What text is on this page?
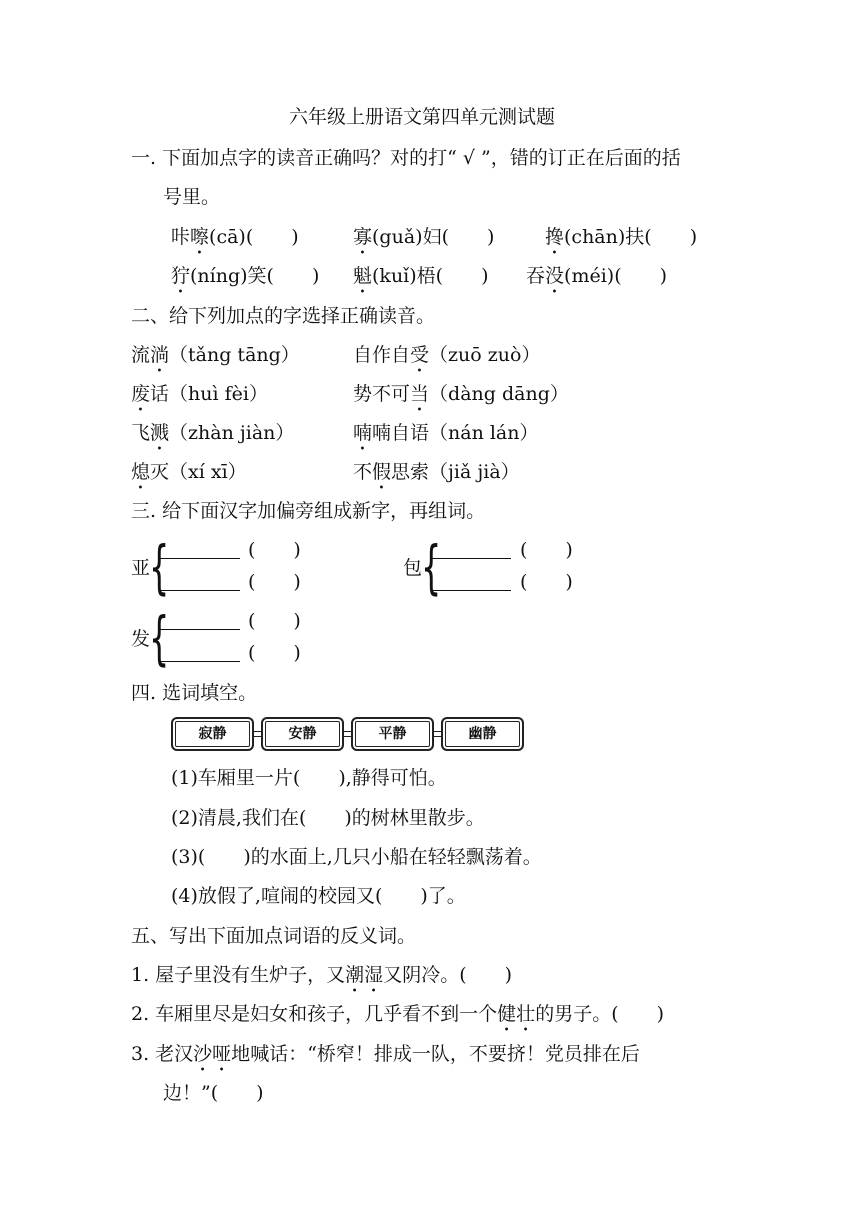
六年级上册语文第四单元测试题
一. 下面加点字的读音正确吗？对的打“ √ ”，错的订正在后面的括
号里。
咔嚓(cā)(　　)	寡(guǎ)妇(　　)	搀(chān)扶(　　)
狞(níng)笑(　　) 魁(kuǐ)梧(　　) 吞没(méi)(　　)
二、给下列加点的字选择正确读音。
流淌（tǎng tāng）	自作自受（zuō zuò）
废话（huì fèi）	势不可当（dàng dāng）
飞溅（zhàn jiàn）	喃喃自语（nán lán）
熄灭（xí xī）	不假思索（jiǎ jià）
三. 给下面汉字加偏旁组成新字，再组词。
亚
{	(　　)
(　　)
包
{	(　　)
(　　)
发
{	(　　)
(　　)
四. 选词填空。
寂静	安静	平静	幽静
(1)车厢里一片(　　),静得可怕。
(2)清晨,我们在(　　)的树林里散步。
(3)(　　)的水面上,几只小船在轻轻飘荡着。
(4)放假了,喧闹的校园又(　　)了。
五、写出下面加点词语的反义词。
1. 屋子里没有生炉子，又潮湿又阴冷。(　　)
2. 车厢里尽是妇女和孩子，几乎看不到一个健壮的男子。(　　)
3. 老汉沙哑地喊话：“桥窄！排成一队，不要挤！党员排在后
边！”(　　)
